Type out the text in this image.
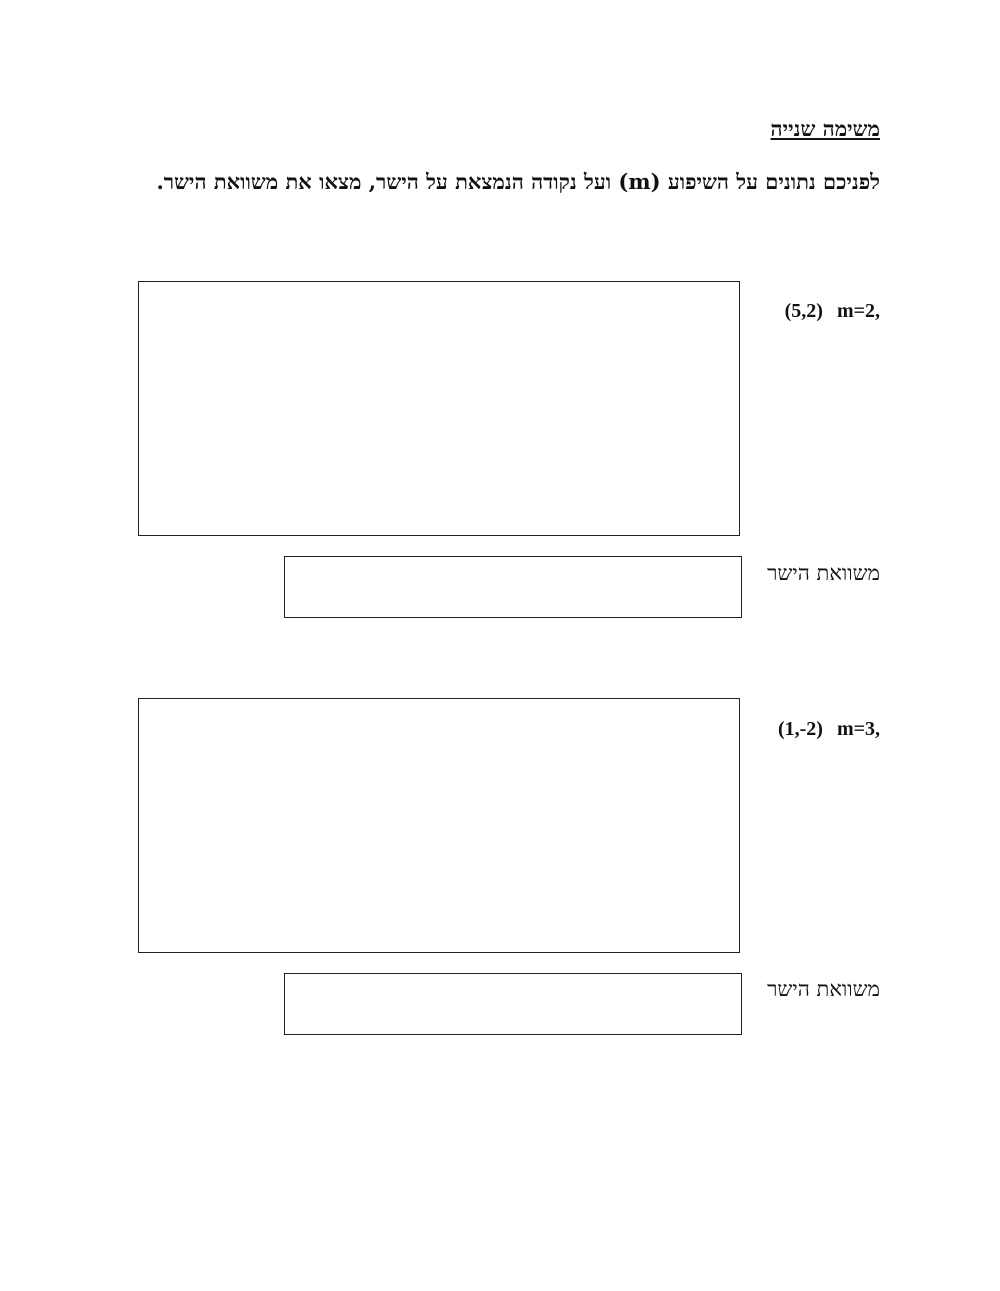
משימה שנייה
לפניכם נתונים על השיפוע (m) ועל נקודה הנמצאת על הישר, מצאו את משוואת הישר.
(5,2) m=2,
משוואת הישר
(1,-2) m=3,
משוואת הישר
